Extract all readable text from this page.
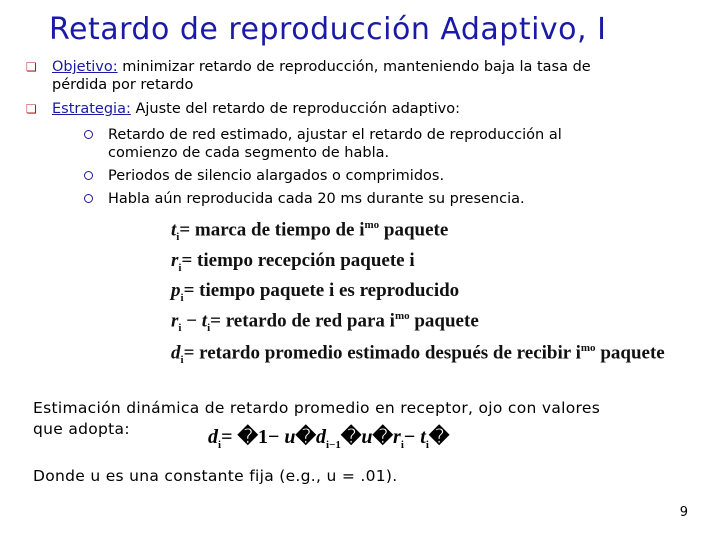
Retardo de reproducción Adaptivo, I
❏ Objetivo: minimizar retardo de reproducción, manteniendo baja la tasa de
pérdida por retardo
❏ Estrategia: Ajuste del retardo de reproducción adaptivo:
Retardo de red estimado, ajustar el retardo de reproducción al
comienzo de cada segmento de habla.
Periodos de silencio alargados o comprimidos.
Habla aún reproducida cada 20 ms durante su presencia.
$t_i=$ marca de tiempo de $i^{mo}$ paquete
$r_i=$ tiempo recepción paquete i
$p_i=$ tiempo paquete i es reproducido
$r_i - t_i=$ retardo de red para $i^{mo}$ paquete
$d_i=$ retardo promedio estimado después de recibir $i^{mo}$ paquete
Estimación dinámica de retardo promedio en receptor, ojo con valores
que adopta:	$d_i=$ �1− $u�d_{i-1}�u�r_i-$ $t_i�$
Donde u es una constante fija (e.g., u = .01).
9
